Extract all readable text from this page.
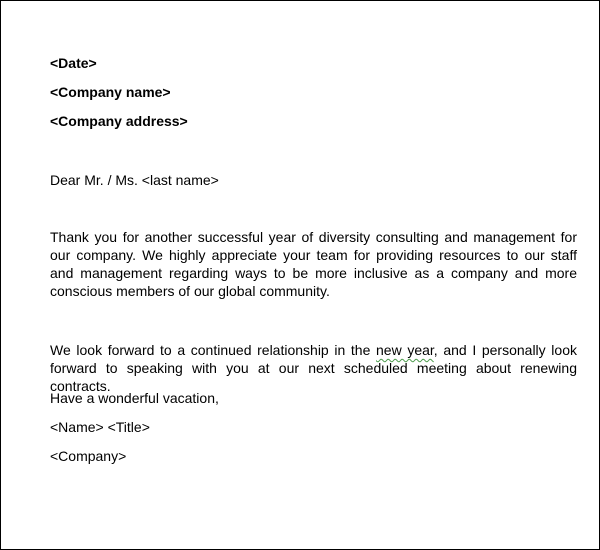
<Date>
<Company name>
<Company address>
Dear Mr. / Ms. <last name>
Thank you for another successful year of diversity consulting and management for our company. We highly appreciate your team for providing resources to our staff and management regarding ways to be more inclusive as a company and more conscious members of our global community.
We look forward to a continued relationship in the new year, and I personally look forward to speaking with you at our next scheduled meeting about renewing contracts.
Have a wonderful vacation,
<Name> <Title>
<Company>
